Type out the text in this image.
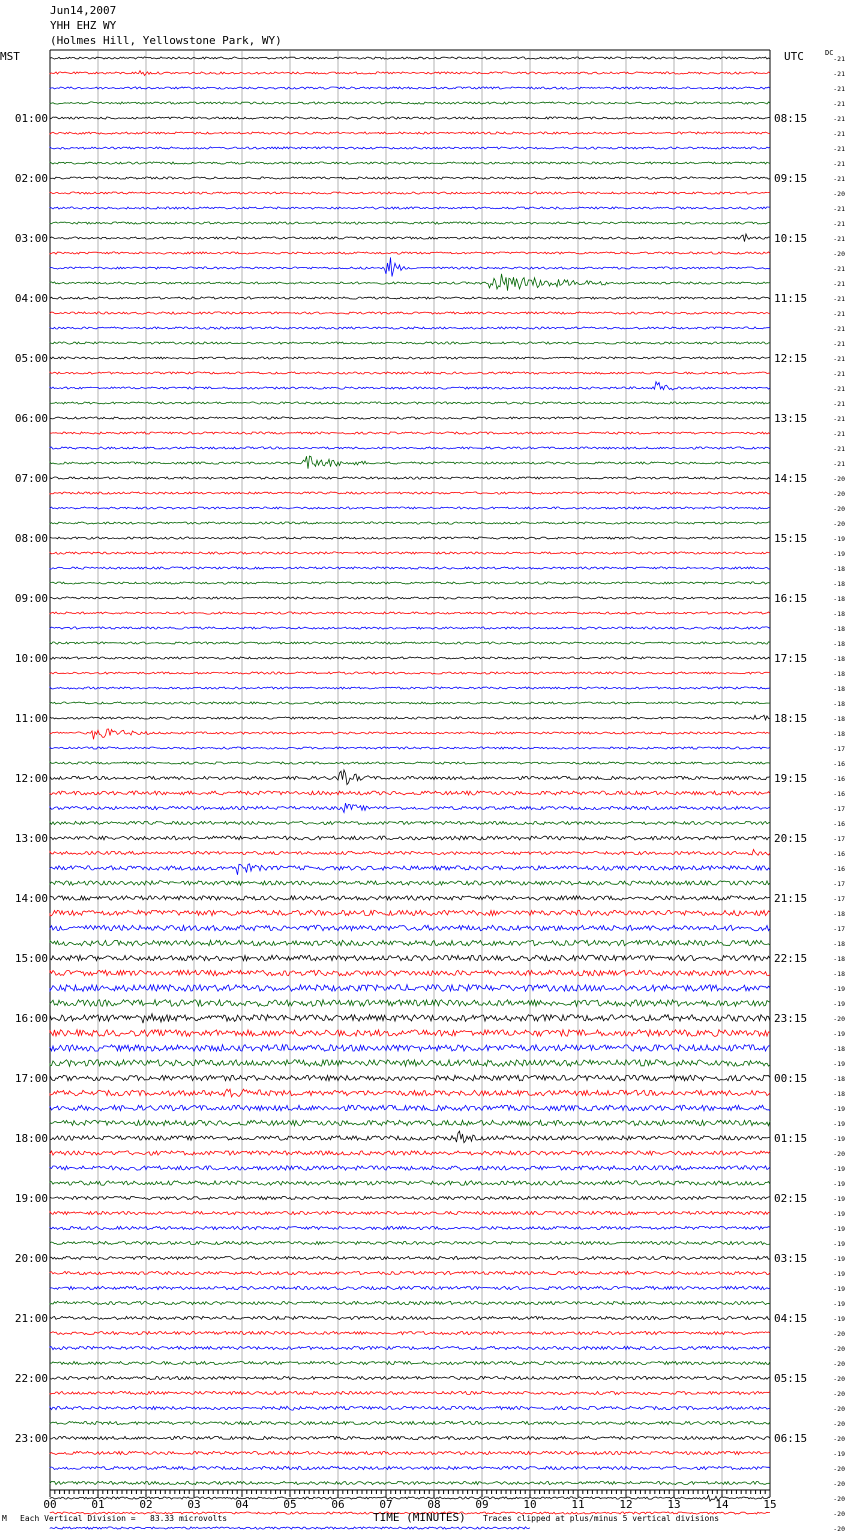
Jun14,2007
YHH EHZ WY
(Holmes Hill, Yellowstone Park, WY)
MST	UTC	DC
-21
-21
-21
-21
-21
-21
-21
-21
-21
-20
-21
-21
-21
-20
-21
-21
-21
-21
-21
-21
-21
-21
-21
-21
-21
-21
-21
-21
-20
-20
-20
-20
-19
-19
-18
-18
-18
-18
-18
-18
-18
-18
-18
-18
-18
-18
-17
-16
-16
-16
-17
-16
-17
-16
-16
-17
-17
-18
-17
-18
-18
-18
-19
-19
-20
-19
-18
-19
-18
-18
-19
-19
-19
-20
-19
-19
-19
-19
-19
-19
-19
-19
-19
-19
-19
-20
-20
-20
-20
-20
-20
-20
-20
-19
-20
-20
-20
-20
-20
01:00
02:00
03:00
04:00
05:00
06:00
07:00
08:00
09:00
10:00
11:00
12:00
13:00
14:00
15:00
16:00
17:00
18:00
19:00
20:00
21:00
22:00
23:00
08:15
09:15
10:15
11:15
12:15
13:15
14:15
15:15
16:15
17:15
18:15
19:15
20:15
21:15
22:15
23:15
00:15
01:15
02:15
03:15
04:15
05:15
06:15
00	01	02	03	04	05	06	07	08	09	10	11	12	13	14	15
M Each Vertical Division =   83.33 microvolts	TIME (MINUTES) Traces clipped at plus/minus 5 vertical divisions
